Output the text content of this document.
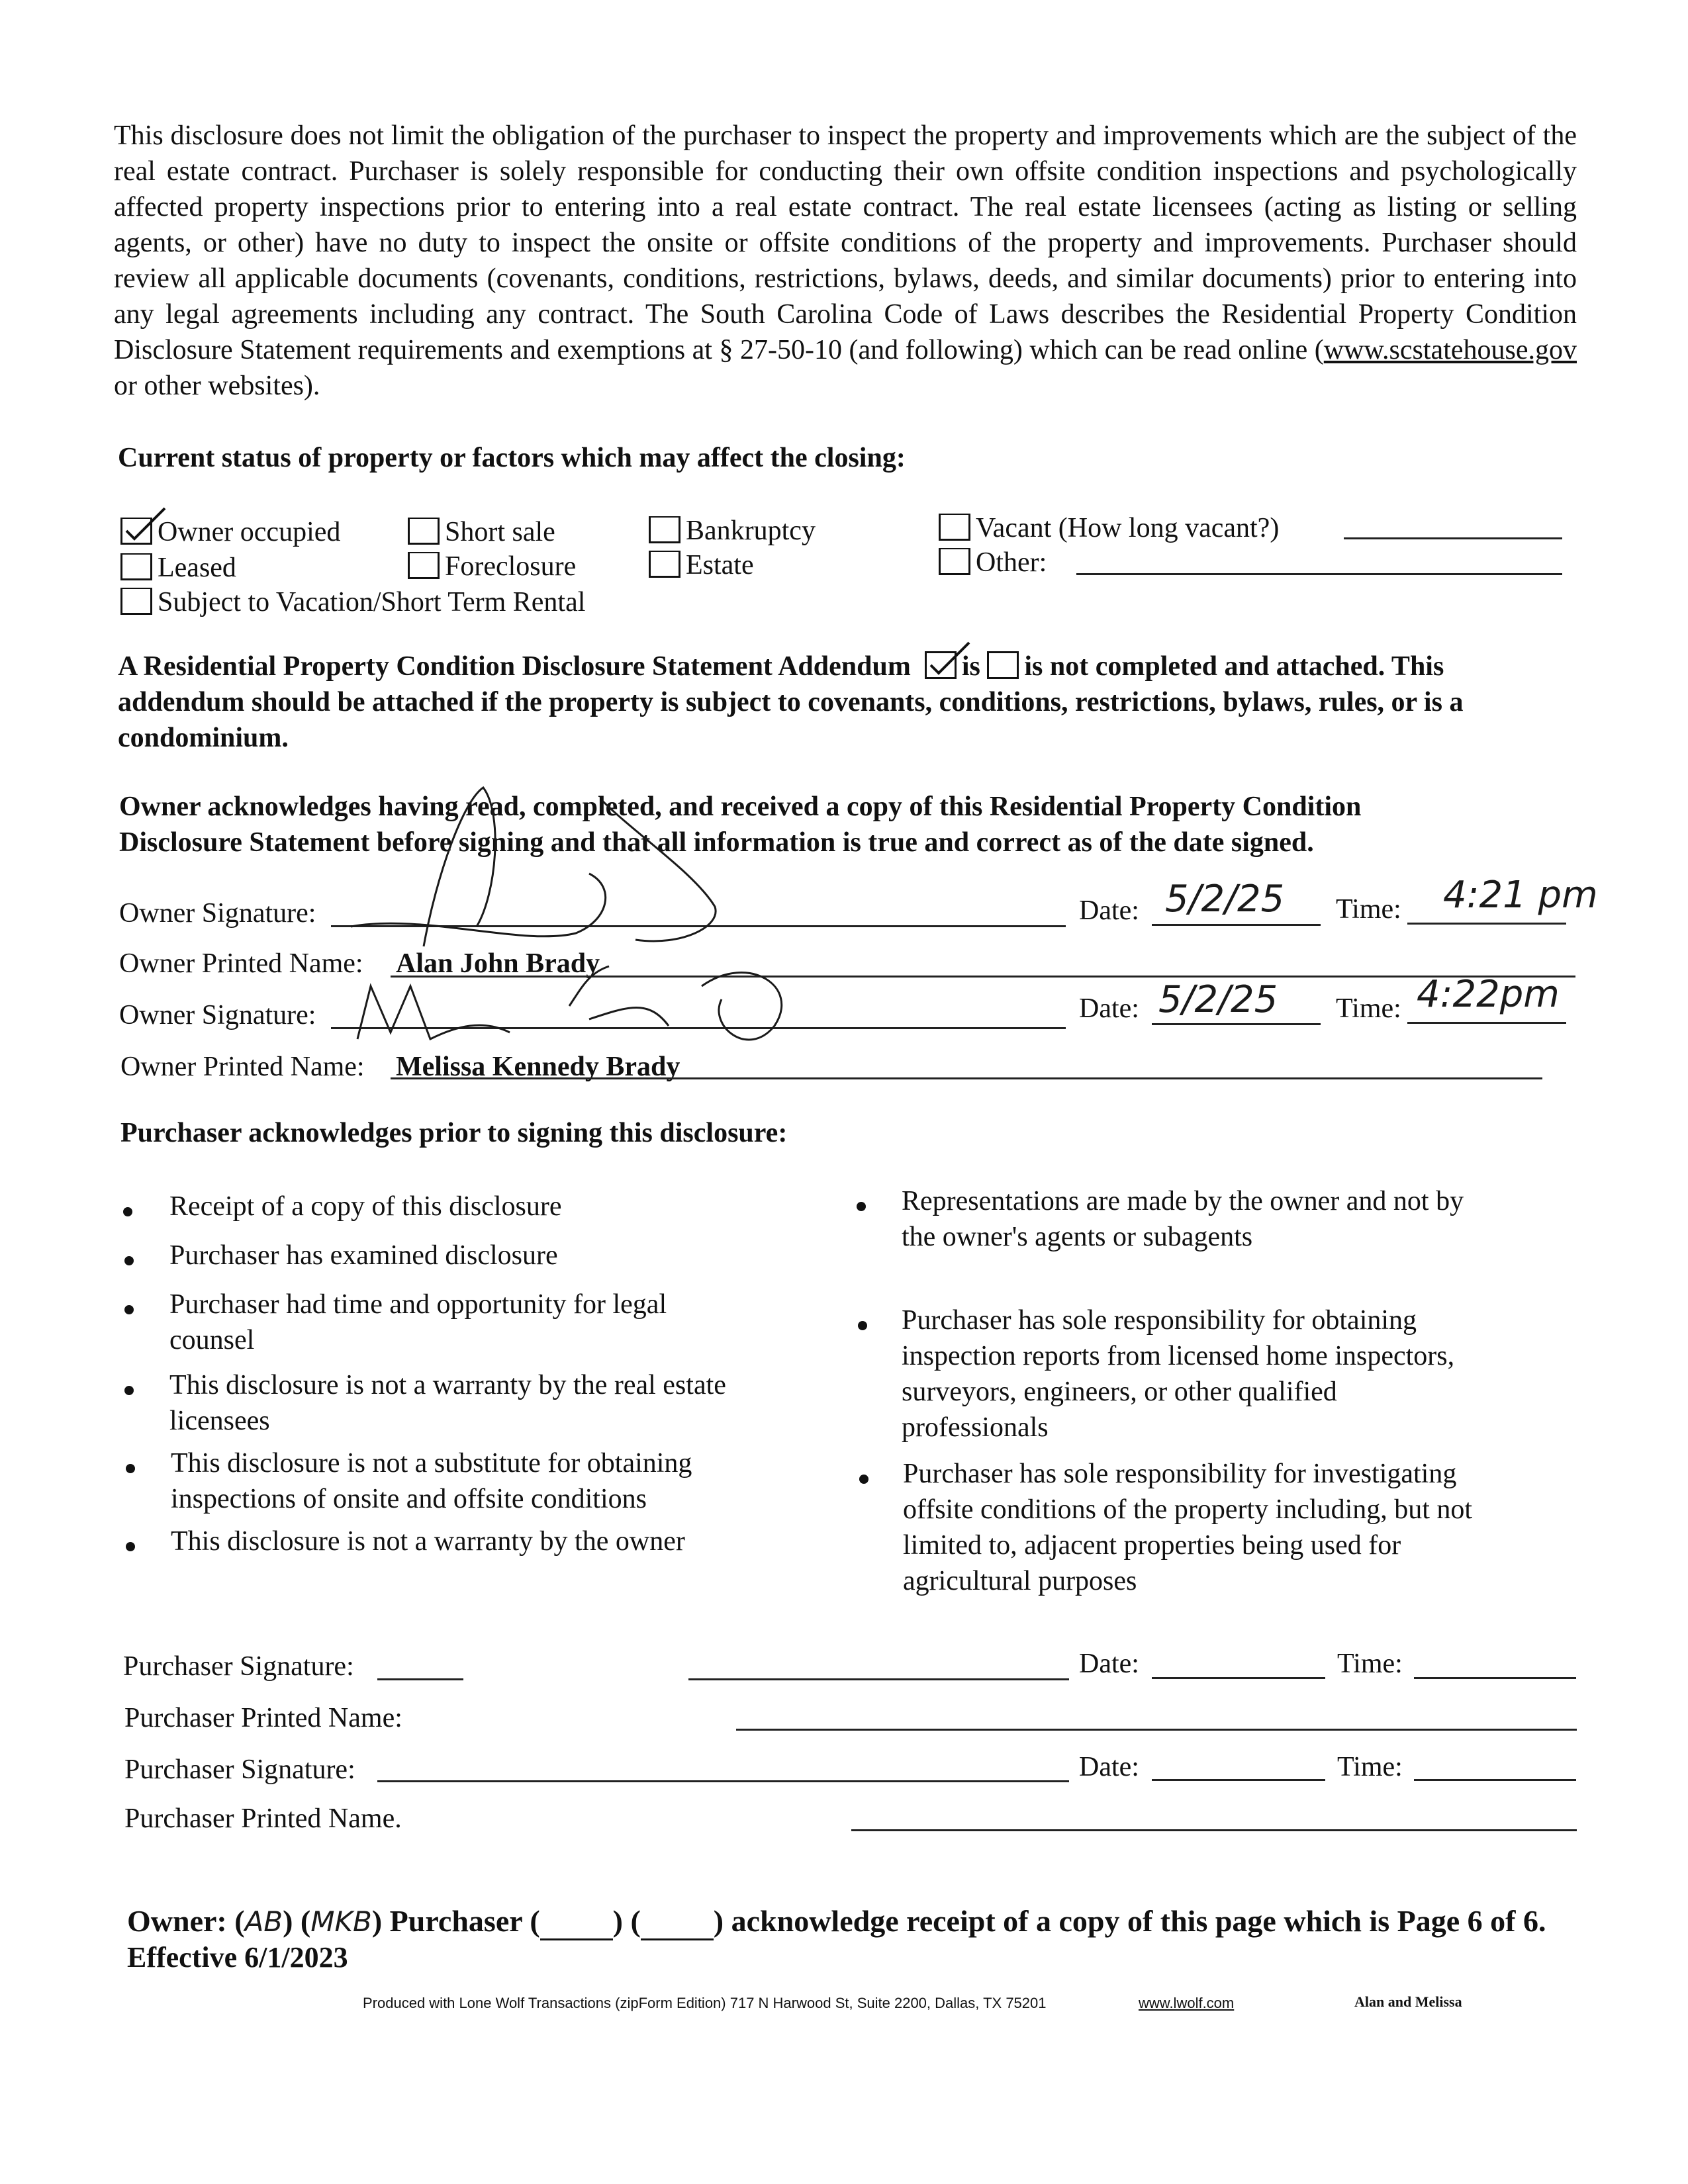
This disclosure does not limit the obligation of the purchaser to inspect the property and improvements which are the subject of the real estate contract. Purchaser is solely responsible for conducting their own offsite condition inspections and psychologically affected property inspections prior to entering into a real estate contract. The real estate licensees (acting as listing or selling agents, or other) have no duty to inspect the onsite or offsite conditions of the property and improvements. Purchaser should review all applicable documents (covenants, conditions, restrictions, bylaws, deeds, and similar documents) prior to entering into any legal agreements including any contract. The South Carolina Code of Laws describes the Residential Property Condition Disclosure Statement requirements and exemptions at § 27-50-10 (and following) which can be read online (www.scstatehouse.gov or other websites).
Current status of property or factors which may affect the closing:
Owner occupied	Short sale	Bankruptcy	Vacant (How long vacant?)
Leased	Foreclosure	Estate	Other:
Subject to Vacation/Short Term Rental
A Residential Property Condition Disclosure Statement Addendum is is not completed and attached. This addendum should be attached if the property is subject to covenants, conditions, restrictions, bylaws, rules, or is a condominium.
Owner acknowledges having read, completed, and received a copy of this Residential Property Condition Disclosure Statement before signing and that all information is true and correct as of the date signed.
Owner Signature:	Date: 5/2/25 Time: 4:21 pm
Owner Printed Name: Alan John Brady
Owner Signature:	Date: 5/2/25 Time: 4:22pm
Owner Printed Name: Melissa Kennedy Brady
Purchaser acknowledges prior to signing this disclosure:
Receipt of a copy of this disclosure
Purchaser has examined disclosure
Purchaser had time and opportunity for legal counsel
This disclosure is not a warranty by the real estate licensees
This disclosure is not a substitute for obtaining inspections of onsite and offsite conditions
This disclosure is not a warranty by the owner
Representations are made by the owner and not by the owner's agents or subagents
Purchaser has sole responsibility for obtaining inspection reports from licensed home inspectors, surveyors, engineers, or other qualified professionals
Purchaser has sole responsibility for investigating offsite conditions of the property including, but not limited to, adjacent properties being used for agricultural purposes
Purchaser Signature:	Date:	Time:
Purchaser Printed Name:
Purchaser Signature:	Date:	Time:
Purchaser Printed Name.
Owner: (AB) (MKB) Purchaser ( ) ( ) acknowledge receipt of a copy of this page which is Page 6 of 6.
Effective 6/1/2023
Produced with Lone Wolf Transactions (zipForm Edition) 717 N Harwood St, Suite 2200, Dallas, TX 75201	www.lwolf.com	Alan and Melissa
